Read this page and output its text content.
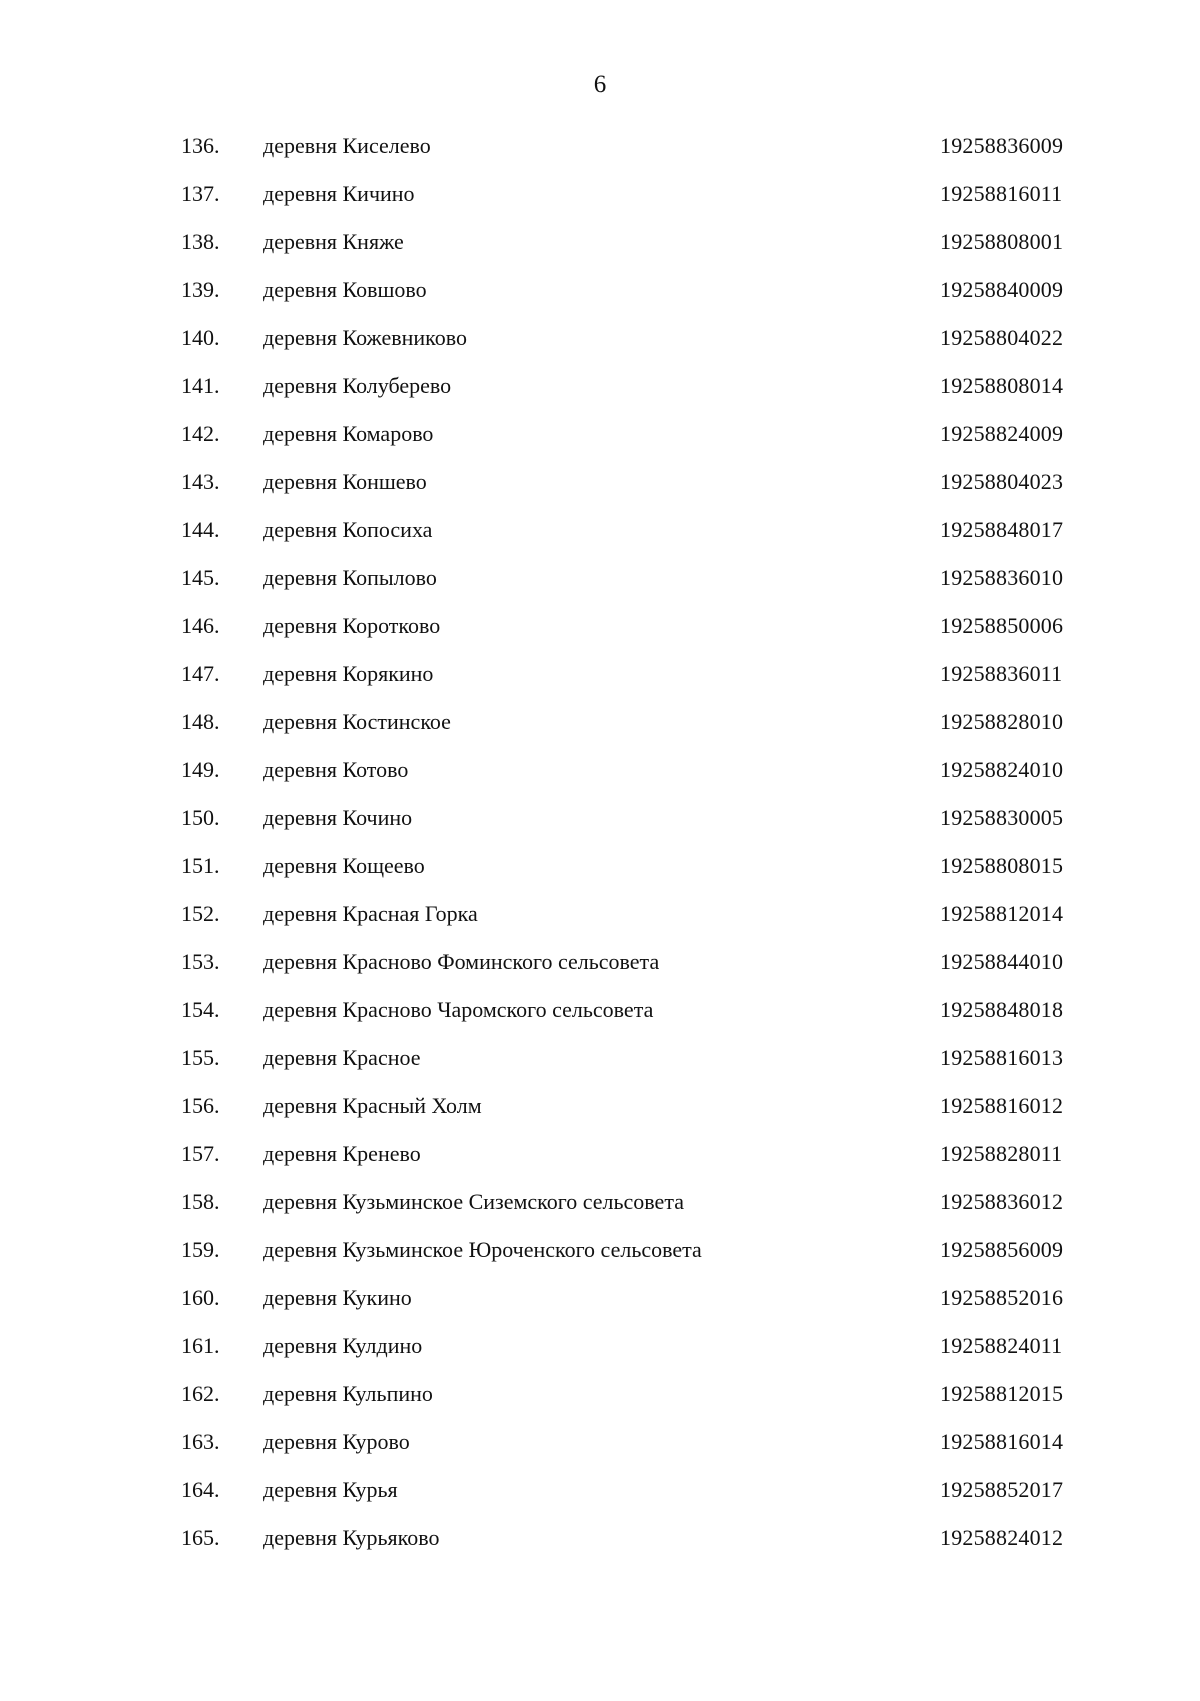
6
136. деревня Киселево	19258836009
137. деревня Кичино	19258816011
138. деревня Княже	19258808001
139. деревня Ковшово	19258840009
140. деревня Кожевниково	19258804022
141. деревня Колуберево	19258808014
142. деревня Комарово	19258824009
143. деревня Коншево	19258804023
144. деревня Копосиха	19258848017
145. деревня Копылово	19258836010
146. деревня Коротково	19258850006
147. деревня Корякино	19258836011
148. деревня Костинское	19258828010
149. деревня Котово	19258824010
150. деревня Кочино	19258830005
151. деревня Кощеево	19258808015
152. деревня Красная Горка	19258812014
153. деревня Красново Фоминского сельсовета	19258844010
154. деревня Красново Чаромского сельсовета	19258848018
155. деревня Красное	19258816013
156. деревня Красный Холм	19258816012
157. деревня Кренево	19258828011
158. деревня Кузьминское Сиземского сельсовета	19258836012
159. деревня Кузьминское Юроченского сельсовета	19258856009
160. деревня Кукино	19258852016
161. деревня Кулдино	19258824011
162. деревня Кульпино	19258812015
163. деревня Курово	19258816014
164. деревня Курья	19258852017
165. деревня Курьяково	19258824012
